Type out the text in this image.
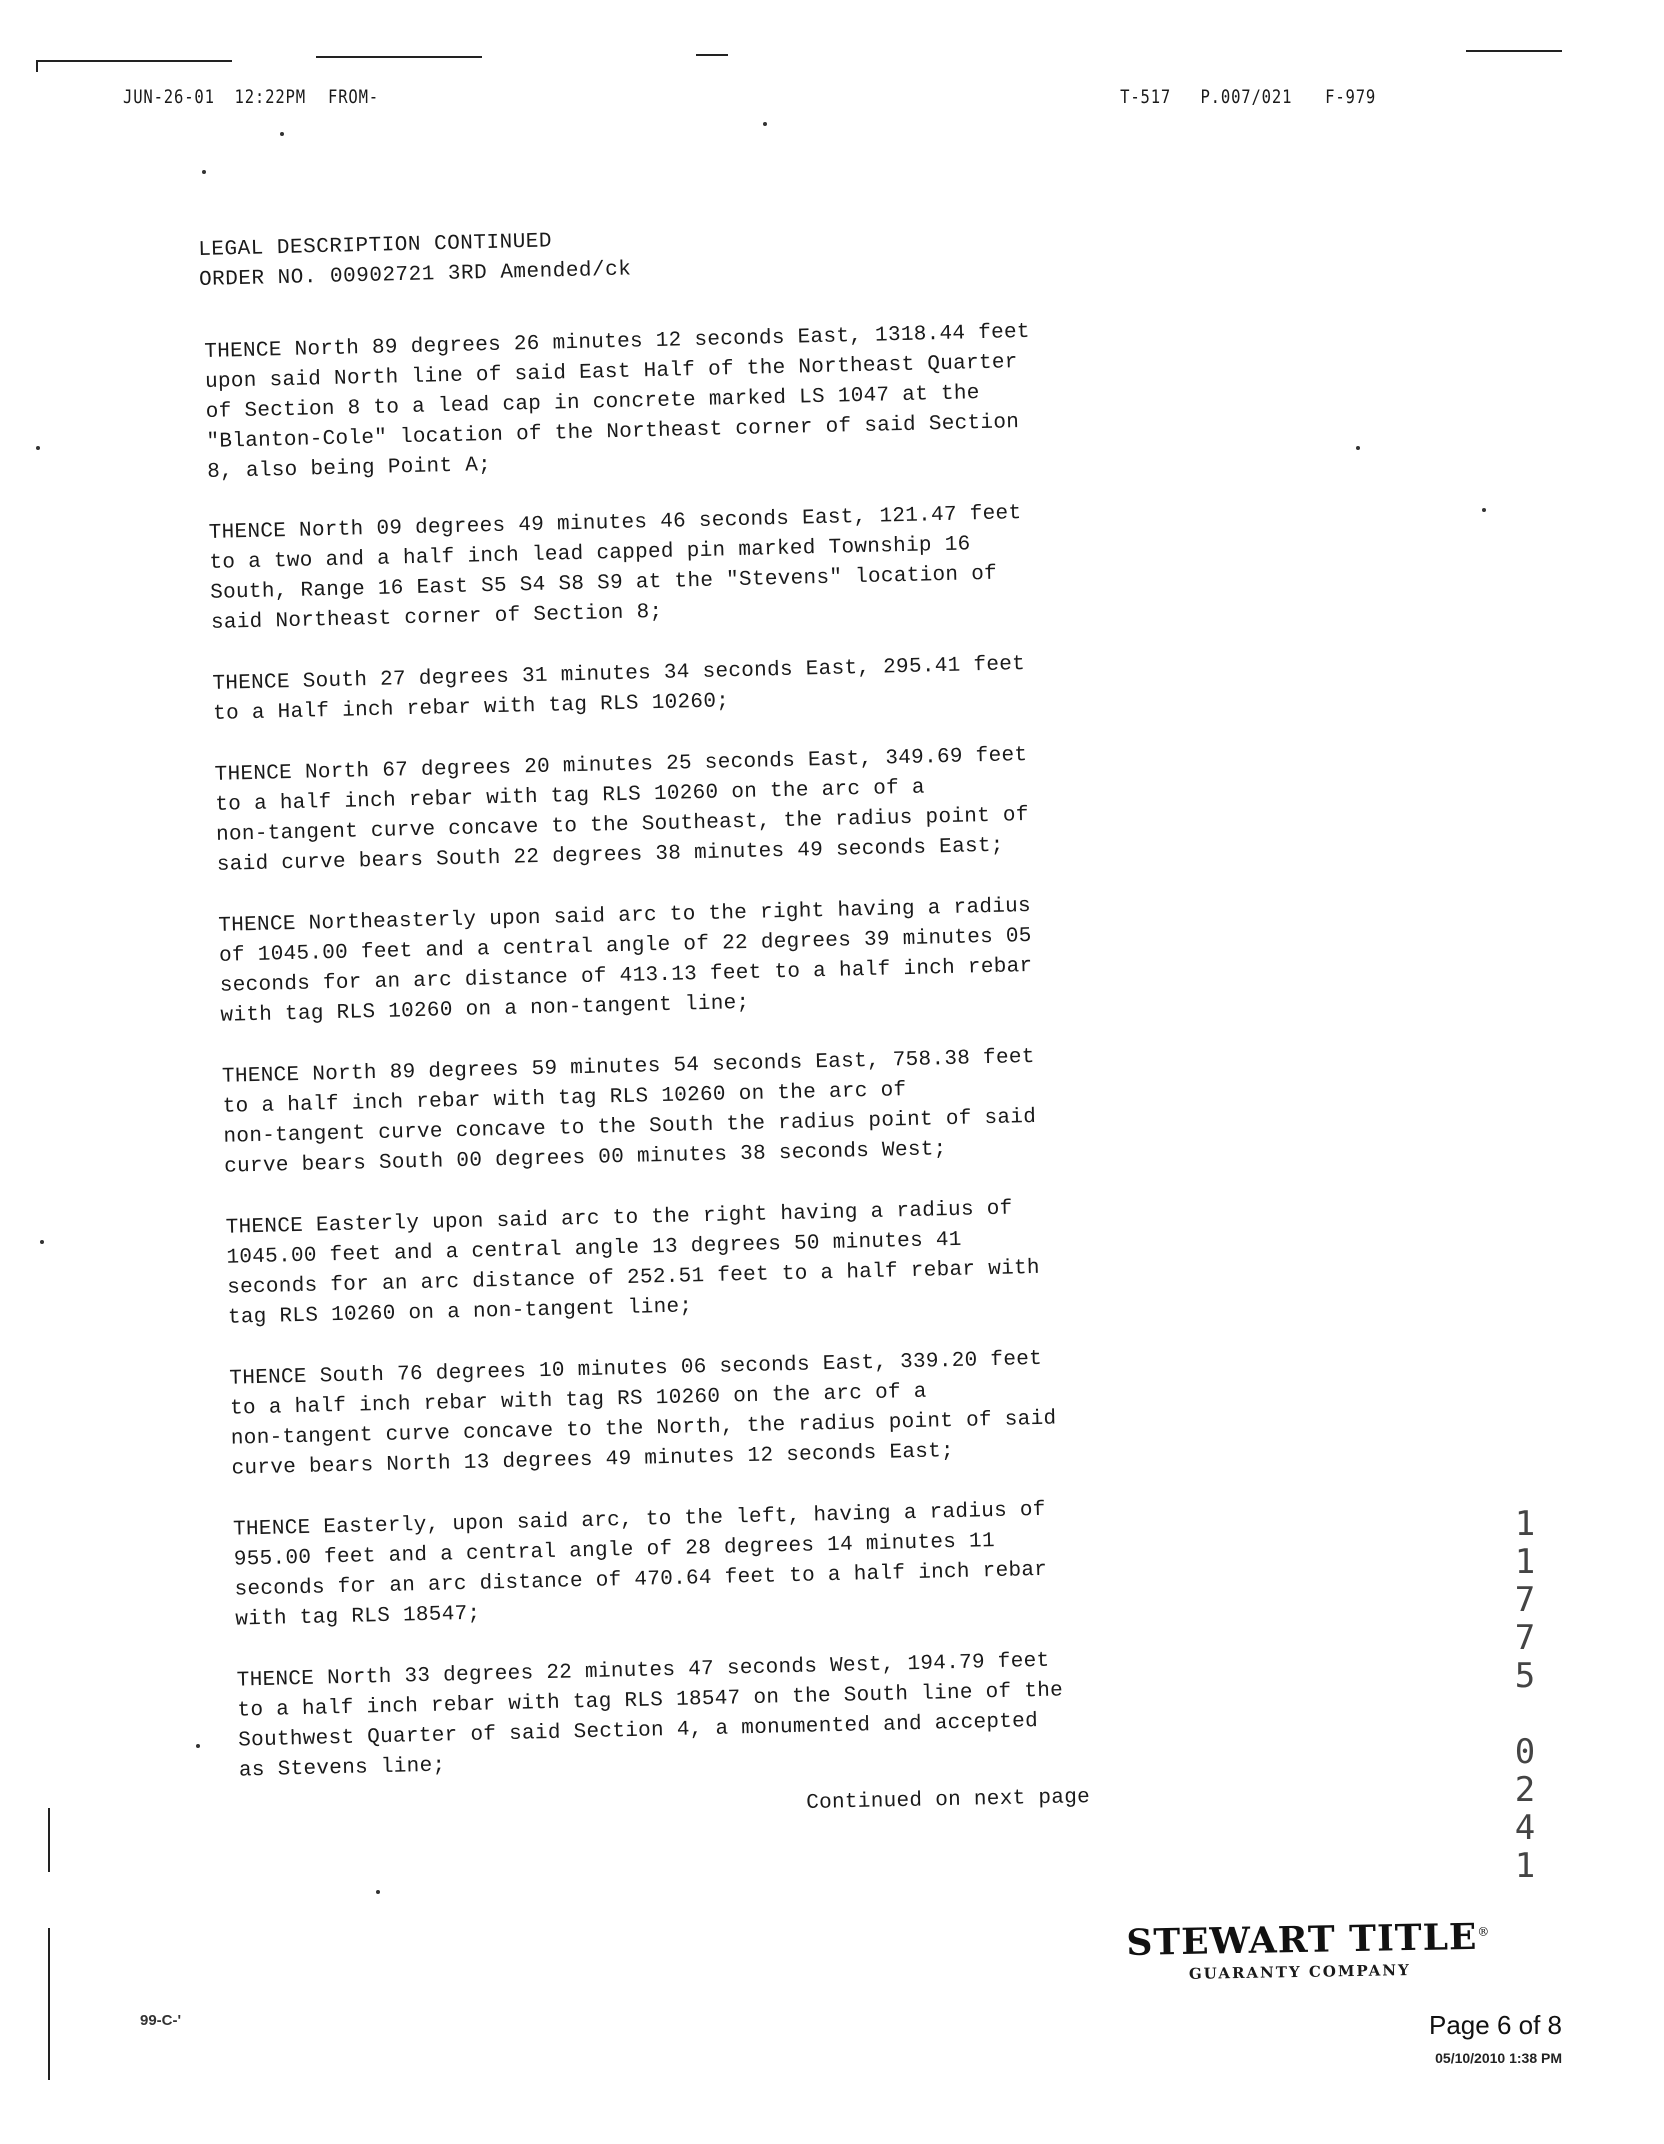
JUN-26-01 12:22PM FROM-	T-517 P.007/021 F-979
LEGAL DESCRIPTION CONTINUED
ORDER NO. 00902721 3RD Amended/ck

THENCE North 89 degrees 26 minutes 12 seconds East, 1318.44 feet
upon said North line of said East Half of the Northeast Quarter
of Section 8 to a lead cap in concrete marked LS 1047 at the
"Blanton-Cole" location of the Northeast corner of said Section
8, also being Point A;

THENCE North 09 degrees 49 minutes 46 seconds East, 121.47 feet
to a two and a half inch lead capped pin marked Township 16
South, Range 16 East S5 S4 S8 S9 at the "Stevens" location of
said Northeast corner of Section 8;

THENCE South 27 degrees 31 minutes 34 seconds East, 295.41 feet
to a Half inch rebar with tag RLS 10260;

THENCE North 67 degrees 20 minutes 25 seconds East, 349.69 feet
to a half inch rebar with tag RLS 10260 on the arc of a
non-tangent curve concave to the Southeast, the radius point of
said curve bears South 22 degrees 38 minutes 49 seconds East;

THENCE Northeasterly upon said arc to the right having a radius
of 1045.00 feet and a central angle of 22 degrees 39 minutes 05
seconds for an arc distance of 413.13 feet to a half inch rebar
with tag RLS 10260 on a non-tangent line;

THENCE North 89 degrees 59 minutes 54 seconds East, 758.38 feet
to a half inch rebar with tag RLS 10260 on the arc of
non-tangent curve concave to the South the radius point of said
curve bears South 00 degrees 00 minutes 38 seconds West;

THENCE Easterly upon said arc to the right having a radius of
1045.00 feet and a central angle 13 degrees 50 minutes 41
seconds for an arc distance of 252.51 feet to a half rebar with
tag RLS 10260 on a non-tangent line;

THENCE South 76 degrees 10 minutes 06 seconds East, 339.20 feet
to a half inch rebar with tag RS 10260 on the arc of a
non-tangent curve concave to the North, the radius point of said
curve bears North 13 degrees 49 minutes 12 seconds East;

THENCE Easterly, upon said arc, to the left, having a radius of
955.00 feet and a central angle of 28 degrees 14 minutes 11
seconds for an arc distance of 470.64 feet to a half inch rebar
with tag RLS 18547;

THENCE North 33 degrees 22 minutes 47 seconds West, 194.79 feet
to a half inch rebar with tag RLS 18547 on the South line of the
Southwest Quarter of said Section 4, a monumented and accepted
as Stevens line;

Continued on next page
1
1
7
7
5
0
2
4
1
STEWART TITLE®
GUARANTY COMPANY
99-C-'	Page 6 of 8
05/10/2010 1:38 PM
